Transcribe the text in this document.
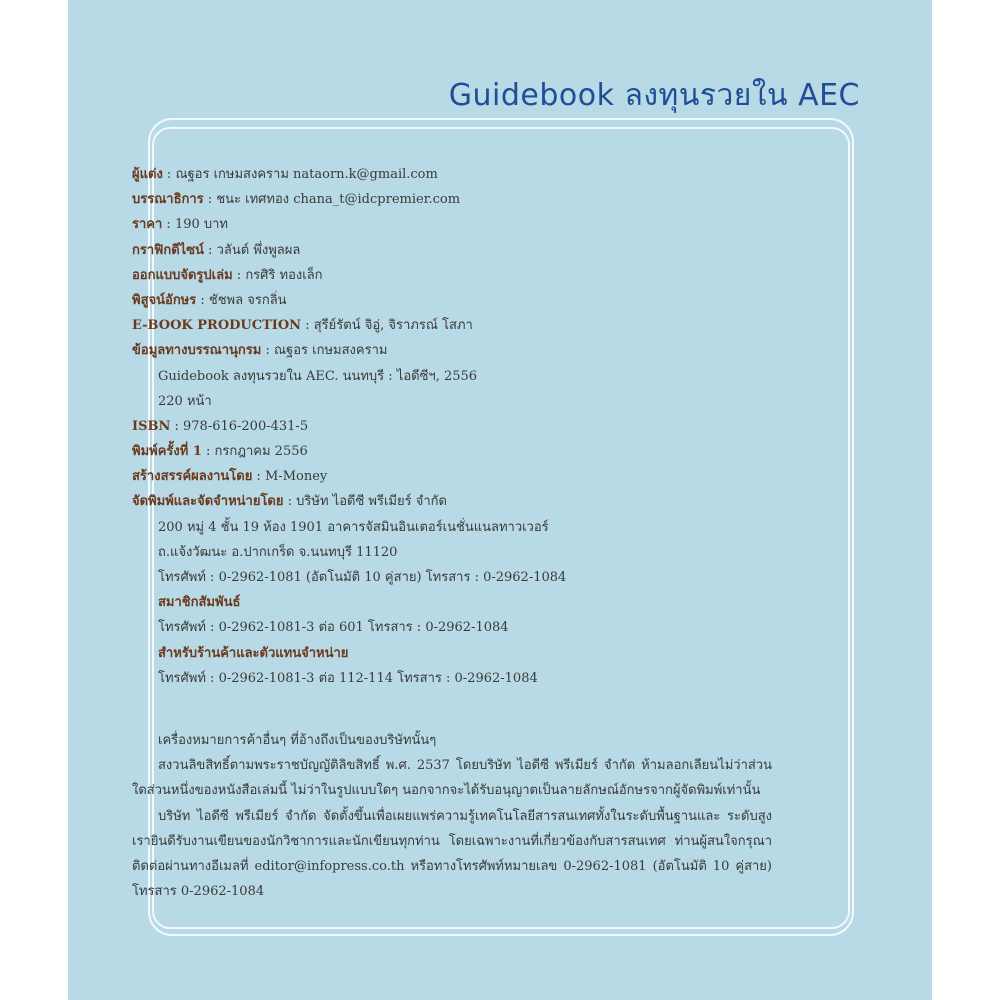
Guidebook ลงทุนรวยใน AEC
ผู้แต่ง : ณฐอร เกษมสงคราม nataorn.k@gmail.com
บรรณาธิการ : ชนะ เทศทอง chana_t@idcpremier.com
ราคา : 190 บาท
กราฟิกดีไซน์ : วลันต์ พึ่งพูลผล
ออกแบบจัดรูปเล่ม : กรศิริ ทองเล็ก
พิสูจน์อักษร : ชัชพล จรกลิ่น
E-BOOK PRODUCTION : สุรีย์รัตน์ จิอู่, จิราภรณ์ โสภา
ข้อมูลทางบรรณานุกรม : ณฐอร เกษมสงคราม
Guidebook ลงทุนรวยใน AEC. นนทบุรี : ไอดีซีฯ, 2556
220 หน้า
ISBN : 978-616-200-431-5
พิมพ์ครั้งที่ 1 : กรกฎาคม 2556
สร้างสรรค์ผลงานโดย : M-Money
จัดพิมพ์และจัดจำหน่ายโดย : บริษัท ไอดีซี พรีเมียร์ จำกัด
200 หมู่ 4 ชั้น 19 ห้อง 1901 อาคารจัสมินอินเตอร์เนชั่นแนลทาวเวอร์
ถ.แจ้งวัฒนะ อ.ปากเกร็ด จ.นนทบุรี 11120
โทรศัพท์ : 0-2962-1081 (อัตโนมัติ 10 คู่สาย) โทรสาร : 0-2962-1084
สมาชิกสัมพันธ์
โทรศัพท์ : 0-2962-1081-3 ต่อ 601 โทรสาร : 0-2962-1084
สำหรับร้านค้าและตัวแทนจำหน่าย
โทรศัพท์ : 0-2962-1081-3 ต่อ 112-114 โทรสาร : 0-2962-1084
เครื่องหมายการค้าอื่นๆ ที่อ้างถึงเป็นของบริษัทนั้นๆ
สงวนลิขสิทธิ์ตามพระราชบัญญัติลิขสิทธิ์ พ.ศ. 2537 โดยบริษัท ไอดีซี พรีเมียร์ จำกัด ห้ามลอกเลียนไม่ว่าส่วนใดส่วนหนึ่งของหนังสือเล่มนี้ ไม่ว่าในรูปแบบใดๆ นอกจากจะได้รับอนุญาตเป็นลายลักษณ์อักษรจากผู้จัดพิมพ์เท่านั้น
บริษัท ไอดีซี พรีเมียร์ จำกัด จัดตั้งขึ้นเพื่อเผยแพร่ความรู้เทคโนโลยีสารสนเทศทั้งในระดับพื้นฐานและ ระดับสูง เรายินดีรับงานเขียนของนักวิชาการและนักเขียนทุกท่าน โดยเฉพาะงานที่เกี่ยวข้องกับสารสนเทศ ท่านผู้สนใจกรุณาติดต่อผ่านทางอีเมลที่ editor@infopress.co.th หรือทางโทรศัพท์หมายเลข 0-2962-1081 (อัตโนมัติ 10 คู่สาย) โทรสาร 0-2962-1084
